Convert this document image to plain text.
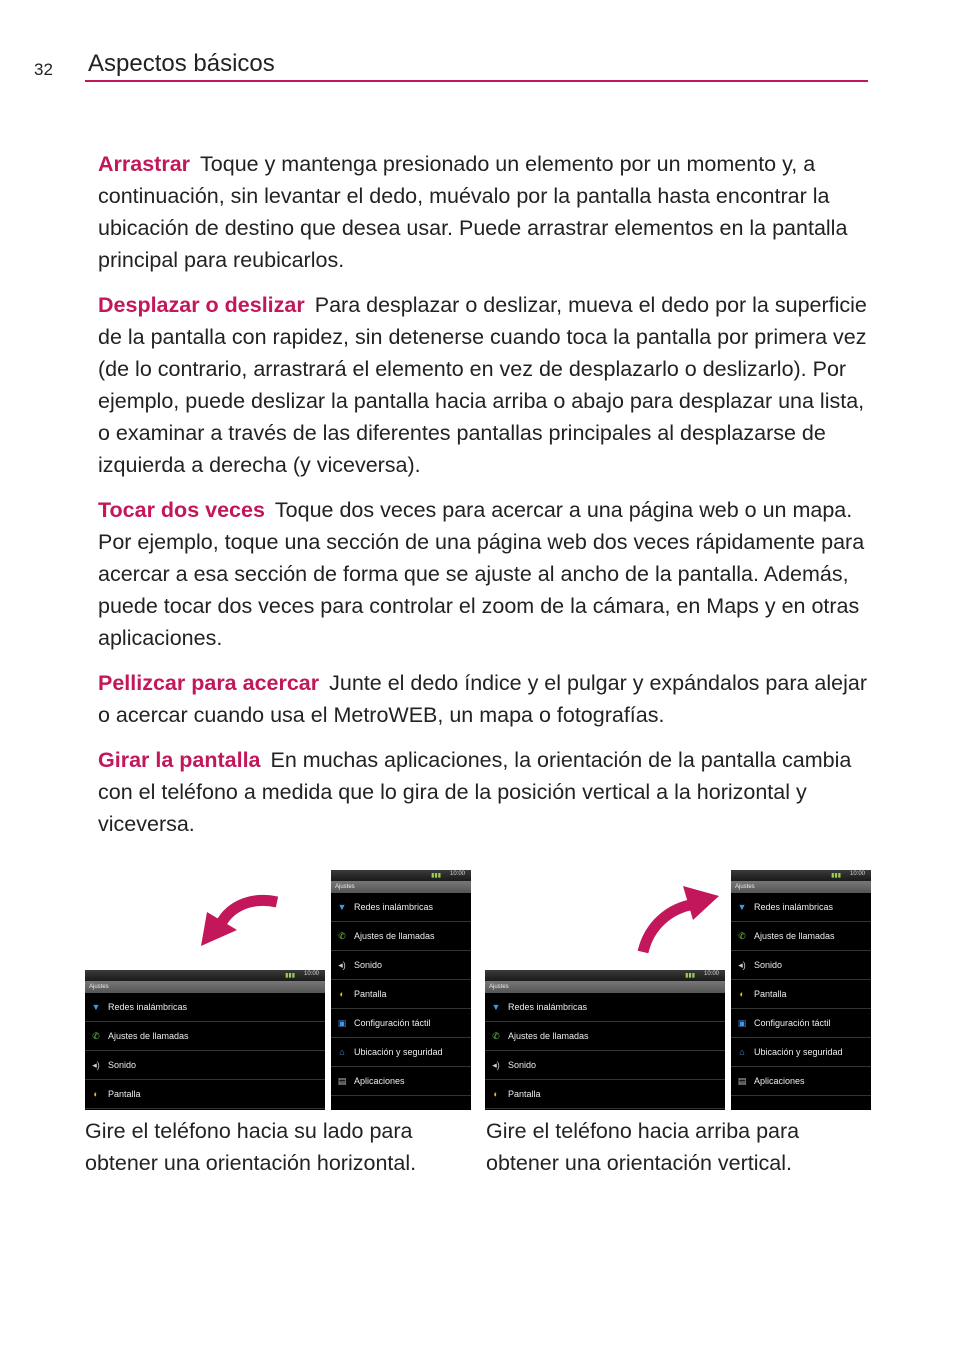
32 Aspectos básicos

Arrastrar Toque y mantenga presionado un elemento por un momento y, a continuación, sin levantar el dedo, muévalo por la pantalla hasta encontrar la ubicación de destino que desea usar. Puede arrastrar elementos en la pantalla principal para reubicarlos.

Desplazar o deslizar Para desplazar o deslizar, mueva el dedo por la superficie de la pantalla con rapidez, sin detenerse cuando toca la pantalla por primera vez (de lo contrario, arrastrará el elemento en vez de desplazarlo o deslizarlo). Por ejemplo, puede deslizar la pantalla hacia arriba o abajo para desplazar una lista, o examinar a través de las diferentes pantallas principales al desplazarse de izquierda a derecha (y viceversa).

Tocar dos veces Toque dos veces para acercar a una página web o un mapa. Por ejemplo, toque una sección de una página web dos veces rápidamente para acercar a esa sección de forma que se ajuste al ancho de la pantalla. Además, puede tocar dos veces para controlar el zoom de la cámara, en Maps y en otras aplicaciones.

Pellizcar para acercar Junte el dedo índice y el pulgar y expándalos para alejar o acercar cuando usa el MetroWEB, un mapa o fotografías.

Girar la pantalla En muchas aplicaciones, la orientación de la pantalla cambia con el teléfono a medida que lo gira de la posición vertical a la horizontal y viceversa.

▮▮▮ 10:00
Ajustes
▼ Redes inalámbricas
✆ Ajustes de llamadas
◂) Sonido
◐	Pantalla
▮▮▮ 10:00
Ajustes
▼ Redes inalámbricas
✆ Ajustes de llamadas
◂) Sonido
◐	Pantalla
▣ Configuración táctil
⌂	Ubicación y seguridad
▤ Aplicaciones
▮▮▮ 10:00
Ajustes
▼ Redes inalámbricas
✆ Ajustes de llamadas
◂) Sonido
◐	Pantalla
▮▮▮ 10:00
Ajustes
▼ Redes inalámbricas
✆ Ajustes de llamadas
◂) Sonido
◐	Pantalla
▣ Configuración táctil
⌂	Ubicación y seguridad
▤ Aplicaciones
Gire el teléfono hacia su lado para obtener una orientación horizontal.
Gire el teléfono hacia arriba para obtener una orientación vertical.
